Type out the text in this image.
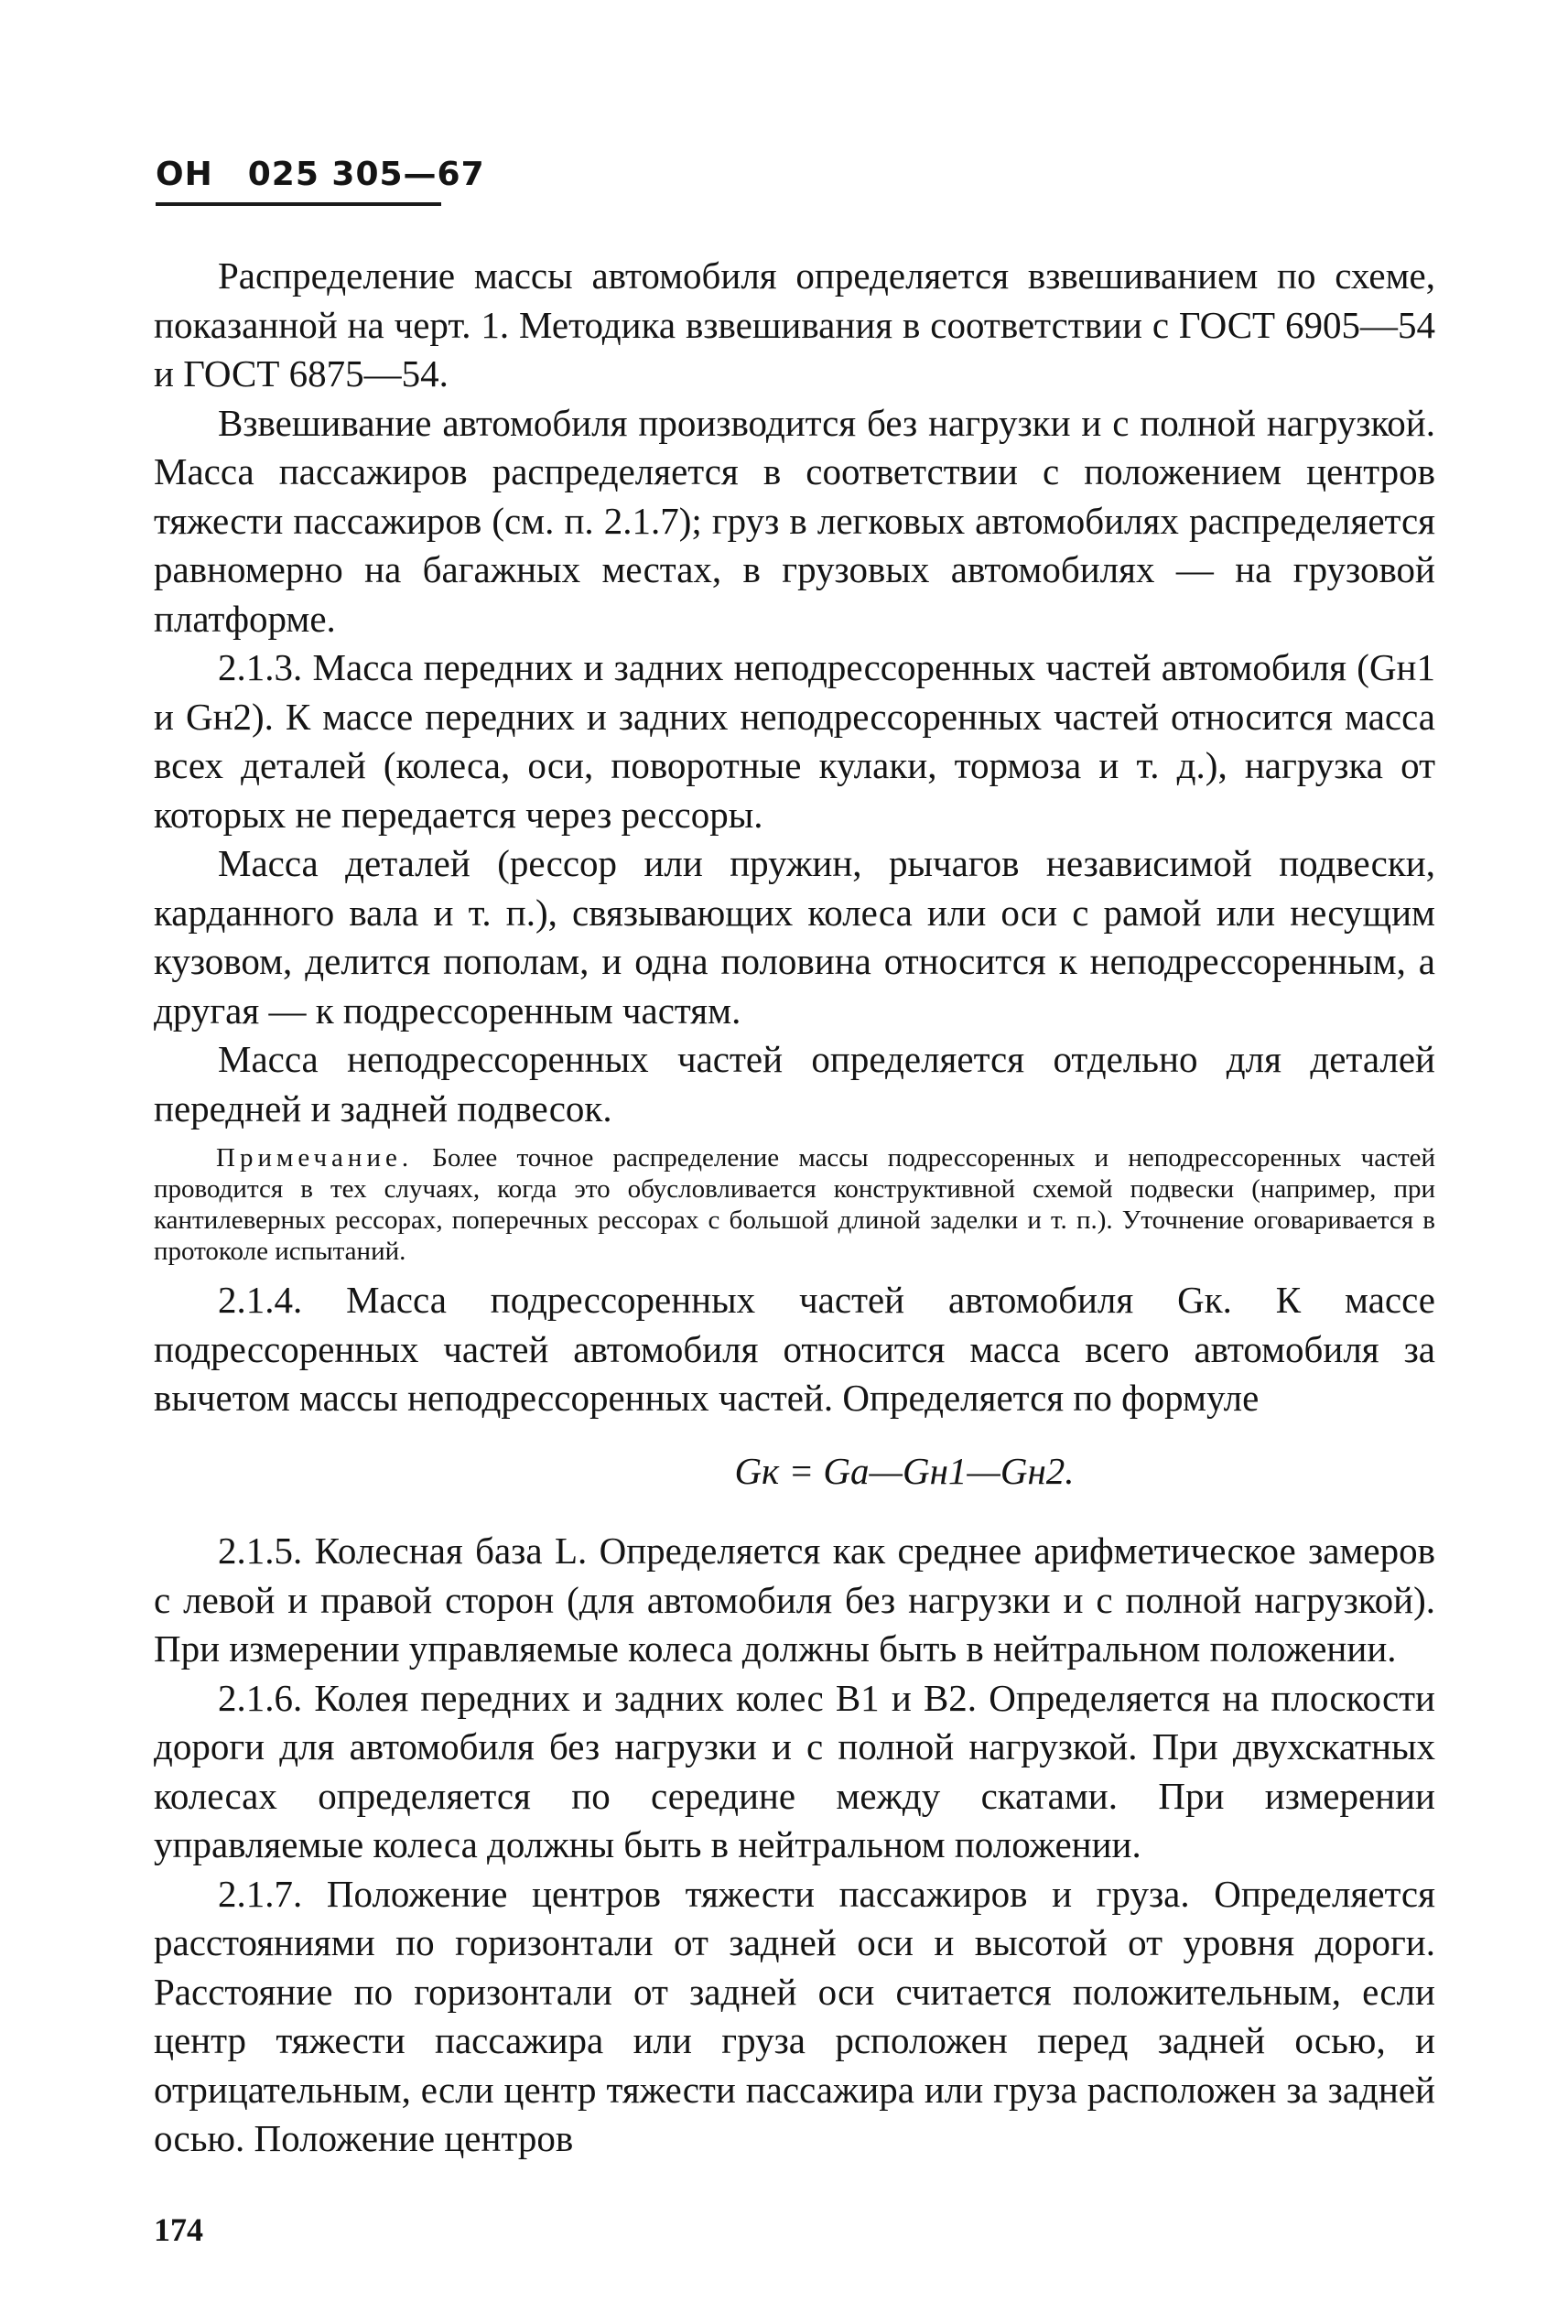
ОН 025 305—67

Распределение массы автомобиля определяется взвешиванием по схеме, показанной на черт. 1. Методика взвешивания в соответствии с ГОСТ 6905—54 и ГОСТ 6875—54.

Взвешивание автомобиля производится без нагрузки и с полной нагрузкой. Масса пассажиров распределяется в соответствии с положением центров тяжести пассажиров (см. п. 2.1.7); груз в легковых автомобилях распределяется равномерно на багажных местах, в грузовых автомобилях — на грузовой платформе.

2.1.3. Масса передних и задних неподрессоренных частей автомобиля (Gн1 и Gн2). К массе передних и задних неподрессоренных частей относится масса всех деталей (колеса, оси, поворотные кулаки, тормоза и т. д.), нагрузка от которых не передается через рессоры.

Масса деталей (рессор или пружин, рычагов независимой подвески, карданного вала и т. п.), связывающих колеса или оси с рамой или несущим кузовом, делится пополам, и одна половина относится к неподрессоренным, а другая — к подрессоренным частям.

Масса неподрессоренных частей определяется отдельно для деталей передней и задней подвесок.

Примечание. Более точное распределение массы подрессоренных и неподрессоренных частей проводится в тех случаях, когда это обусловливается конструктивной схемой подвески (например, при кантилеверных рессорах, поперечных рессорах с большой длиной заделки и т. п.). Уточнение оговаривается в протоколе испытаний.

2.1.4. Масса подрессоренных частей автомобиля Gк. К массе подрессоренных частей автомобиля относится масса всего автомобиля за вычетом массы неподрессоренных частей. Определяется по формуле

Gк = Gа—Gн1—Gн2.

2.1.5. Колесная база L. Определяется как среднее арифметическое замеров с левой и правой сторон (для автомобиля без нагрузки и с полной нагрузкой). При измерении управляемые колеса должны быть в нейтральном положении.

2.1.6. Колея передних и задних колес B1 и B2. Определяется на плоскости дороги для автомобиля без нагрузки и с полной нагрузкой. При двухскатных колесах определяется по середине между скатами. При измерении управляемые колеса должны быть в нейтральном положении.

2.1.7. Положение центров тяжести пассажиров и груза. Определяется расстояниями по горизонтали от задней оси и высотой от уровня дороги. Расстояние по горизонтали от задней оси считается положительным, если центр тяжести пассажира или груза рсположен перед задней осью, и отрицательным, если центр тяжести пассажира или груза расположен за задней осью. Положение центров

174
